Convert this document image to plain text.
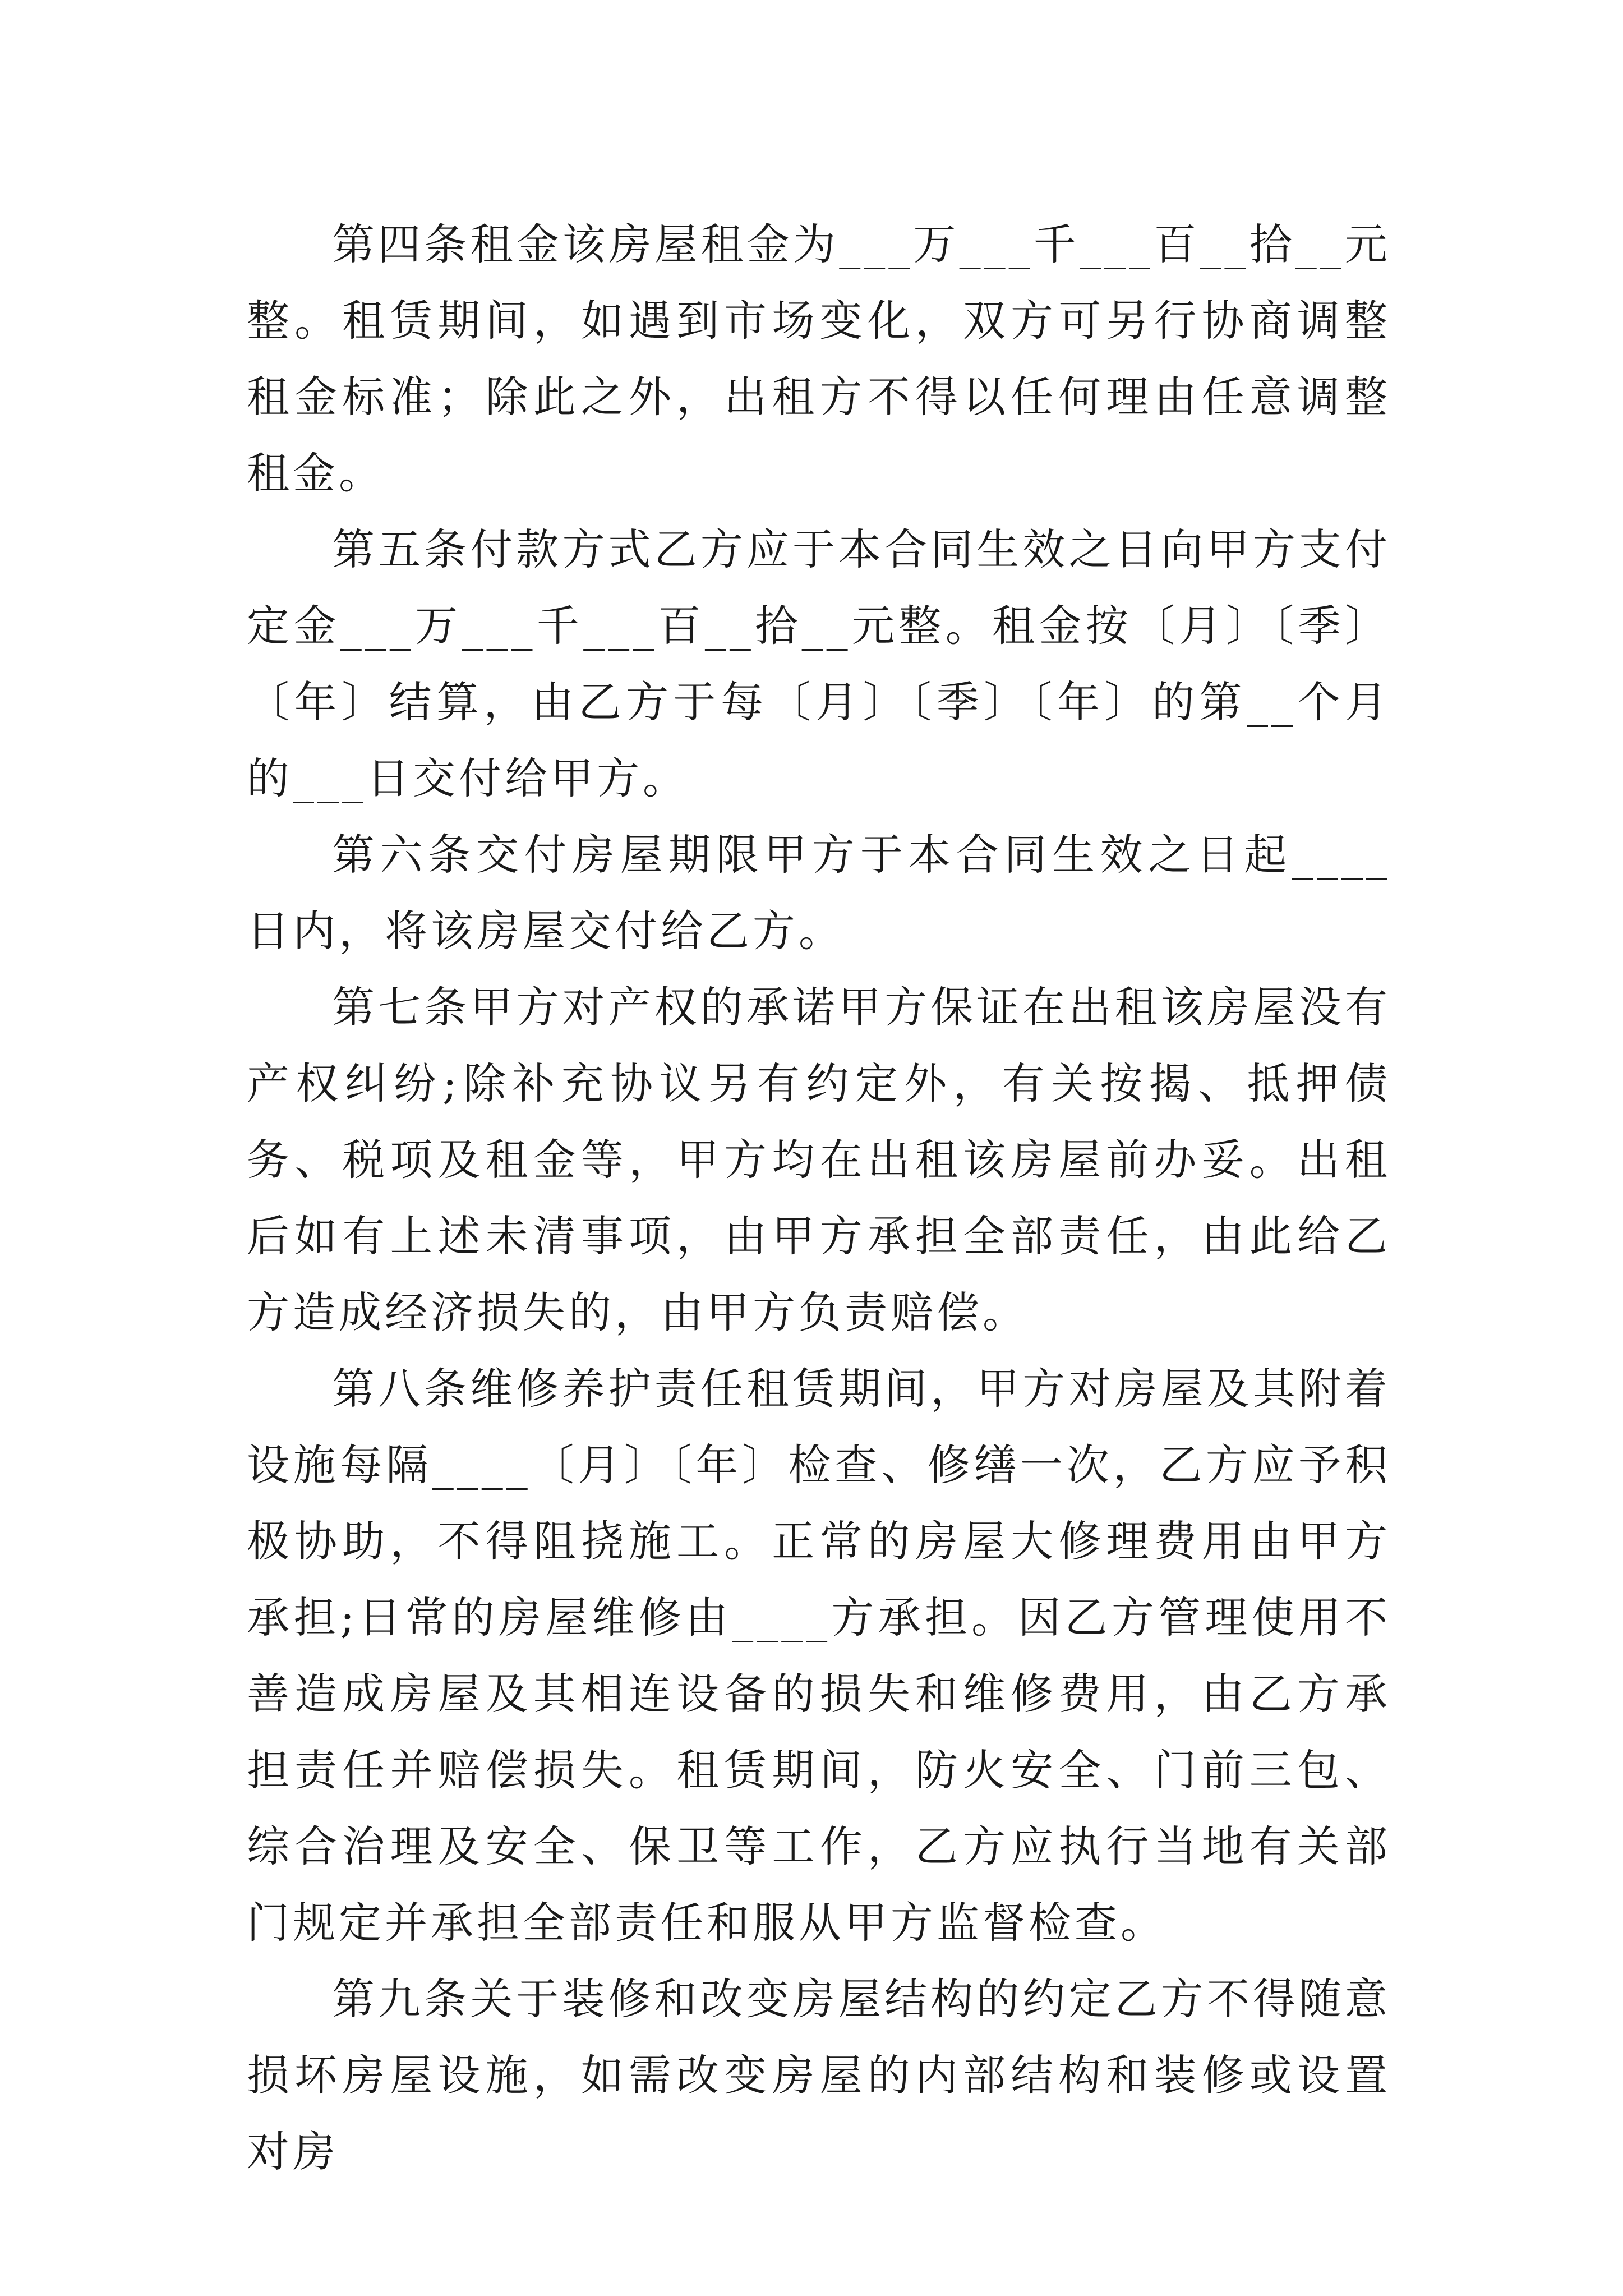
第四条租金该房屋租金为___万___千___百__拾__元整。租赁期间，如遇到市场变化，双方可另行协商调整租金标准；除此之外，出租方不得以任何理由任意调整租金。

第五条付款方式乙方应于本合同生效之日向甲方支付定金___万___千___百__拾__元整。租金按〔月〕〔季〕〔年〕结算，由乙方于每〔月〕〔季〕〔年〕的第__个月的___日交付给甲方。

第六条交付房屋期限甲方于本合同生效之日起____日内，将该房屋交付给乙方。

第七条甲方对产权的承诺甲方保证在出租该房屋没有产权纠纷;除补充协议另有约定外，有关按揭、抵押债务、税项及租金等，甲方均在出租该房屋前办妥。出租后如有上述未清事项，由甲方承担全部责任，由此给乙方造成经济损失的，由甲方负责赔偿。

第八条维修养护责任租赁期间，甲方对房屋及其附着设施每隔____〔月〕〔年〕检查、修缮一次，乙方应予积极协助，不得阻挠施工。正常的房屋大修理费用由甲方承担;日常的房屋维修由____方承担。因乙方管理使用不善造成房屋及其相连设备的损失和维修费用，由乙方承担责任并赔偿损失。租赁期间，防火安全、门前三包、综合治理及安全、保卫等工作，乙方应执行当地有关部门规定并承担全部责任和服从甲方监督检查。

第九条关于装修和改变房屋结构的约定乙方不得随意损坏房屋设施，如需改变房屋的内部结构和装修或设置对房
